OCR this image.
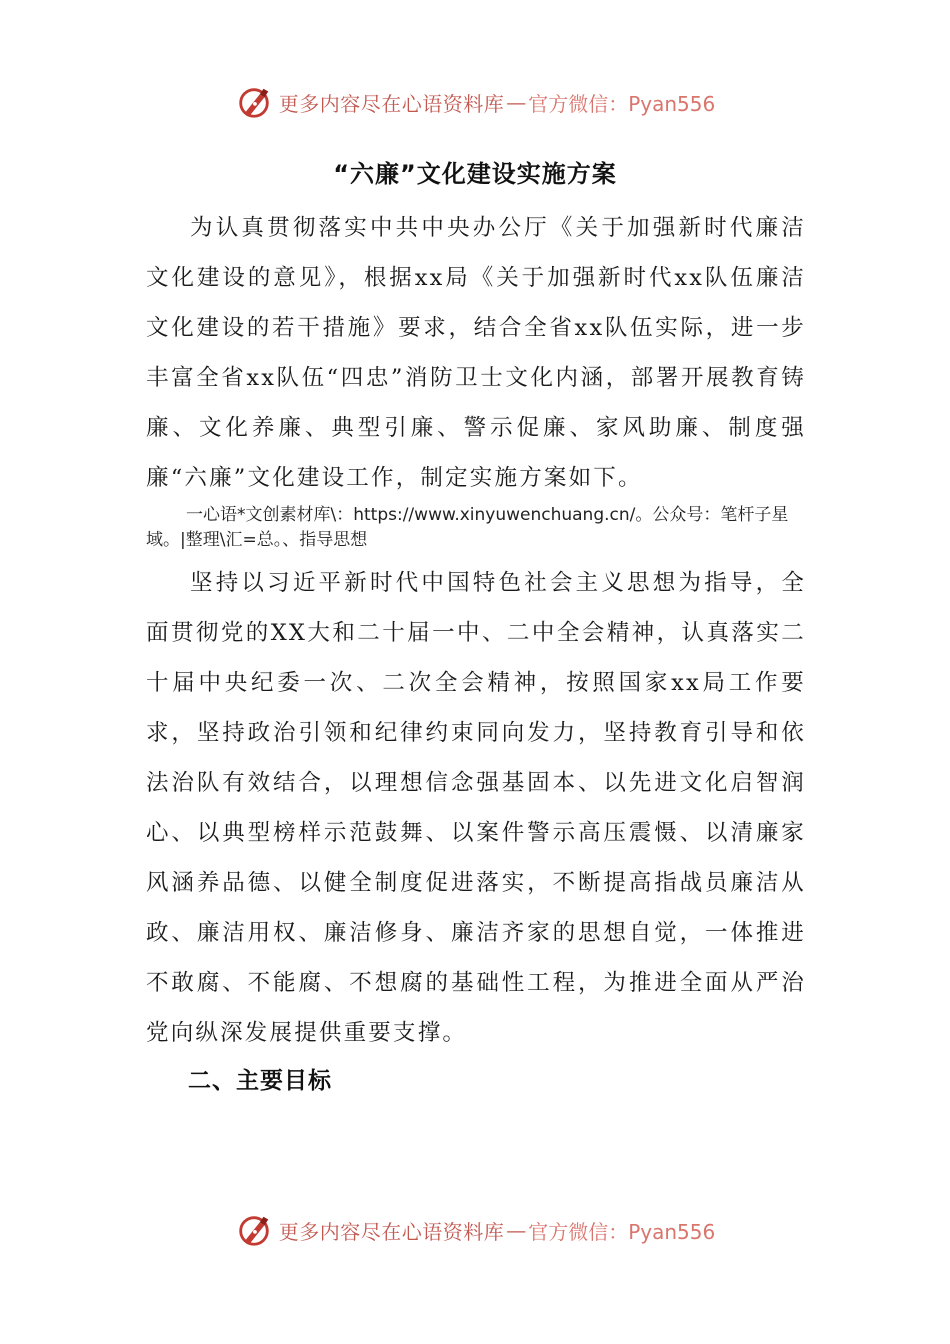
更多内容尽在心语资料库 — 官方微信：Pyan556
“六廉”文化建设实施方案

为认真贯彻落实中共中央办公厅《关于加强新时代廉洁文化建设的意见》，根据xx局《关于加强新时代xx队伍廉洁文化建设的若干措施》要求，结合全省xx队伍实际，进一步丰富全省xx队伍“四忠”消防卫士文化内涵，部署开展教育铸廉、文化养廉、典型引廉、警示促廉、家风助廉、制度强廉“六廉”文化建设工作，制定实施方案如下。

一心语*文创素材库\：https://www.xinyuwenchuang.cn/。公众号：笔杆子星域。|整理\汇=总。、指导思想

坚持以习近平新时代中国特色社会主义思想为指导，全面贯彻党的XX大和二十届一中、二中全会精神，认真落实二十届中央纪委一次、二次全会精神，按照国家xx局工作要求，坚持政治引领和纪律约束同向发力，坚持教育引导和依法治队有效结合，以理想信念强基固本、以先进文化启智润心、以典型榜样示范鼓舞、以案件警示高压震慑、以清廉家风涵养品德、以健全制度促进落实，不断提高指战员廉洁从政、廉洁用权、廉洁修身、廉洁齐家的思想自觉，一体推进不敢腐、不能腐、不想腐的基础性工程，为推进全面从严治党向纵深发展提供重要支撑。

二、主要目标

更多内容尽在心语资料库 — 官方微信：Pyan556
